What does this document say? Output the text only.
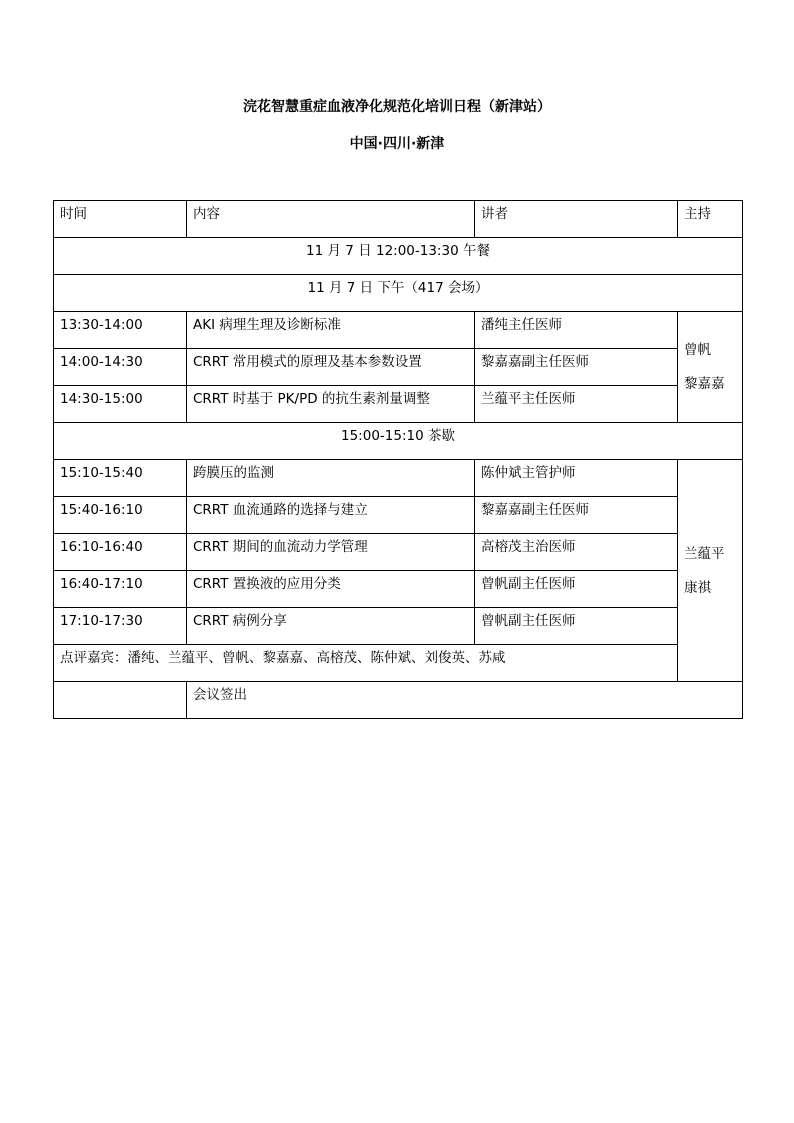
浣花智慧重症血液净化规范化培训日程（新津站）
中国·四川·新津
时间	内容	讲者	主持
11 月 7 日 12:00-13:30 午餐			
11 月 7 日 下午（417 会场）			
13:30-14:00	AKI 病理生理及诊断标准	潘纯主任医师	曾帆
黎嘉嘉

14:00-14:30	CRRT 常用模式的原理及基本参数设置	黎嘉嘉副主任医师	
14:30-15:00	CRRT 时基于 PK/PD 的抗生素剂量调整	兰蕴平主任医师	
15:00-15:10 茶歇			
15:10-15:40	跨膜压的监测	陈仲斌主管护师	兰蕴平
康祺

15:40-16:10	CRRT 血流通路的选择与建立	黎嘉嘉副主任医师	
16:10-16:40	CRRT 期间的血流动力学管理	高榕茂主治医师	
16:40-17:10	CRRT 置换液的应用分类	曾帆副主任医师	
17:10-17:30	CRRT 病例分享	曾帆副主任医师	
点评嘉宾：潘纯、兰蕴平、曾帆、黎嘉嘉、高榕茂、陈仲斌、刘俊英、苏咸			
	会议签出		
